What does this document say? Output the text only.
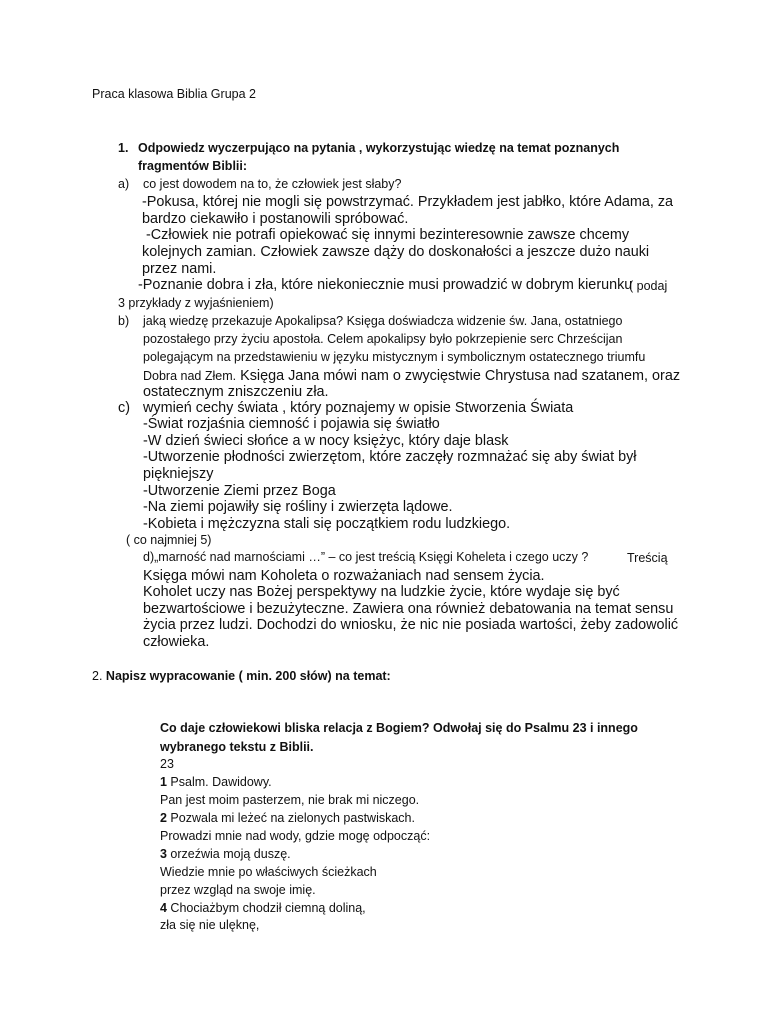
Praca klasowa Biblia Grupa 2
1. Odpowiedz wyczerpująco na pytania , wykorzystując wiedzę na temat poznanych
fragmentów Biblii:
a) co jest dowodem na to, że człowiek jest słaby?
-Pokusa, której nie mogli się powstrzymać. Przykładem jest jabłko, które Adama, za
bardzo ciekawiło i postanowili spróbować.
-Człowiek nie potrafi opiekować się innymi bezinteresownie zawsze chcemy
kolejnych zamian. Człowiek zawsze dąży do doskonałości a jeszcze dużo nauki
przez nami.
-Poznanie dobra i zła, które niekoniecznie musi prowadzić w dobrym kierunku
( podaj
3 przykłady z wyjaśnieniem)
b) jaką wiedzę przekazuje Apokalipsa? Księga doświadcza widzenie św. Jana, ostatniego
pozostałego przy życiu apostoła. Celem apokalipsy było pokrzepienie serc Chrześcijan
polegającym na przedstawieniu w języku mistycznym i symbolicznym ostatecznego triumfu
Dobra nad Złem. Księga Jana mówi nam o zwycięstwie Chrystusa nad szatanem, oraz
ostatecznym zniszczeniu zła.
c) wymień cechy świata , który poznajemy w opisie Stworzenia Świata
-Świat rozjaśnia ciemność i pojawia się światło
-W dzień świeci słońce a w nocy księżyc, który daje blask
-Utworzenie płodności zwierzętom, które zaczęły rozmnażać się aby świat był
piękniejszy
-Utworzenie Ziemi przez Boga
-Na ziemi pojawiły się rośliny i zwierzęta lądowe.
-Kobieta i mężczyzna stali się początkiem rodu ludzkiego.
( co najmniej 5)
d)„marność nad marnościami …” – co jest treścią Księgi Koheleta i czego uczy ?	Treścią
Księga mówi nam Koholeta o rozważaniach nad sensem życia.
Koholet uczy nas Bożej perspektywy na ludzkie życie, które wydaje się być
bezwartościowe i bezużyteczne. Zawiera ona również debatowania na temat sensu
życia przez ludzi. Dochodzi do wniosku, że nic nie posiada wartości, żeby zadowolić
człowieka.
2. Napisz wypracowanie ( min. 200 słów) na temat:
Co daje człowiekowi bliska relacja z Bogiem? Odwołaj się do Psalmu 23 i innego
wybranego tekstu z Biblii.
23
1 Psalm. Dawidowy.
Pan jest moim pasterzem, nie brak mi niczego.
2 Pozwala mi leżeć na zielonych pastwiskach.
Prowadzi mnie nad wody, gdzie mogę odpocząć:
3 orzeźwia moją duszę.
Wiedzie mnie po właściwych ścieżkach
przez wzgląd na swoje imię.
4 Chociażbym chodził ciemną doliną,
zła się nie ulęknę,
